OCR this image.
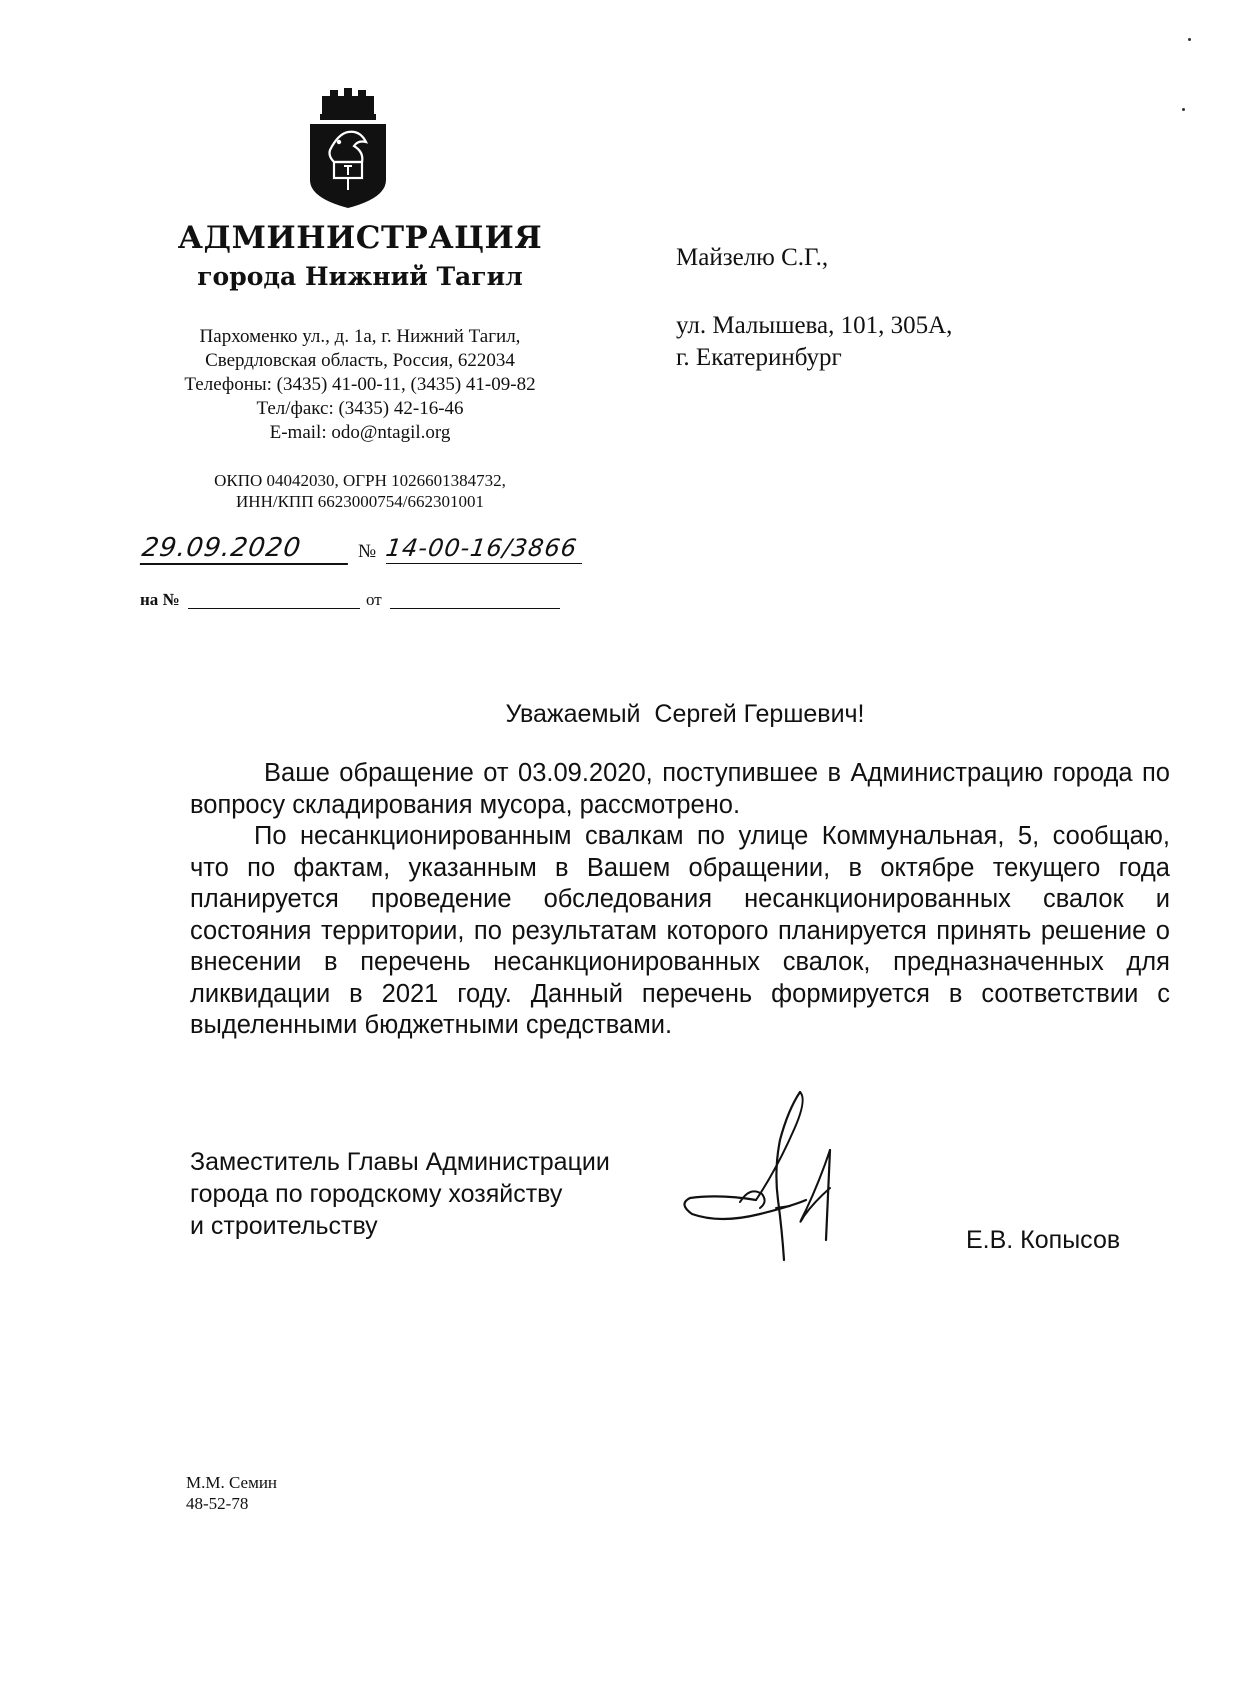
АДМИНИСТРАЦИЯ
города Нижний Тагил
Пархоменко ул., д. 1а, г. Нижний Тагил,
Свердловская область, Россия, 622034
Телефоны: (3435) 41-00-11, (3435) 41-09-82
Тел/факс: (3435) 42-16-46
E-mail: odo@ntagil.org
ОКПО 04042030, ОГРН 1026601384732,
ИНН/КПП 6623000754/662301001
29.09.2020	№ 14-00-16/3866
на №	от
Майзелю С.Г.,
ул. Малышева, 101, 305А,
г. Екатеринбург
Уважаемый  Сергей Гершевич!

Ваше обращение от 03.09.2020, поступившее в Администрацию города по вопросу складирования мусора, рассмотрено.

По несанкционированным свалкам по улице Коммунальная, 5, сообщаю, что по фактам, указанным в Вашем обращении, в октябре текущего года планируется проведение обследования несанкционированных свалок и состояния территории, по результатам которого планируется принять решение о внесении в перечень несанкционированных свалок, предназначенных для ликвидации в 2021 году. Данный перечень формируется в соответствии с выделенными бюджетными средствами.

Заместитель Главы Администрации
города по городскому хозяйству
и строительству	Е.В. Копысов
М.М. Семин
48-52-78
